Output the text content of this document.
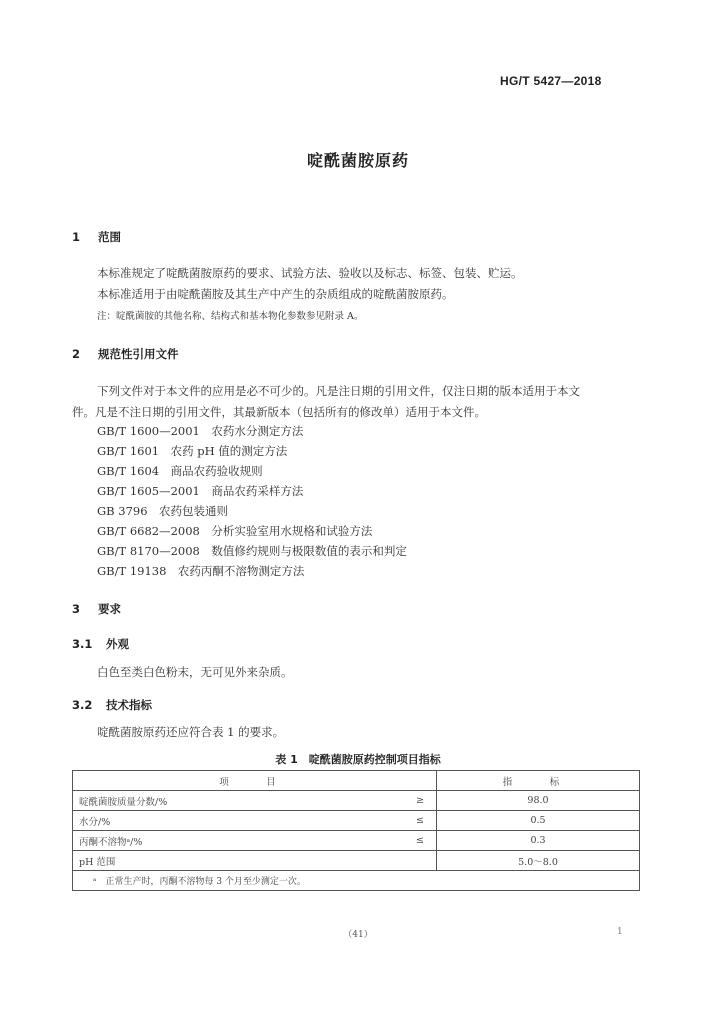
HG/T 5427—2018
啶酰菌胺原药
1 范围
本标准规定了啶酰菌胺原药的要求、试验方法、验收以及标志、标签、包装、贮运。
本标准适用于由啶酰菌胺及其生产中产生的杂质组成的啶酰菌胺原药。
注：啶酰菌胺的其他名称、结构式和基本物化参数参见附录 A。
2 规范性引用文件
下列文件对于本文件的应用是必不可少的。凡是注日期的引用文件，仅注日期的版本适用于本文
件。凡是不注日期的引用文件，其最新版本（包括所有的修改单）适用于本文件。
GB/T 1600—2001　农药水分测定方法
GB/T 1601　农药 pH 值的测定方法
GB/T 1604　商品农药验收规则
GB/T 1605—2001　商品农药采样方法
GB 3796　农药包装通则
GB/T 6682—2008　分析实验室用水规格和试验方法
GB/T 8170—2008　数值修约规则与极限数值的表示和判定
GB/T 19138　农药丙酮不溶物测定方法
3 要求
3.1 外观
白色至类白色粉末，无可见外来杂质。
3.2 技术指标
啶酰菌胺原药还应符合表 1 的要求。
表 1　啶酰菌胺原药控制项目指标
项　目		指　标
啶酰菌胺质量分数/%	≥	98.0
水分/%	≤	0.5
丙酮不溶物ᵃ/%	≤	0.3
pH 范围		5.0～8.0
ᵃ　正常生产时，丙酮不溶物每 3 个月至少测定一次。		
（41）	1
